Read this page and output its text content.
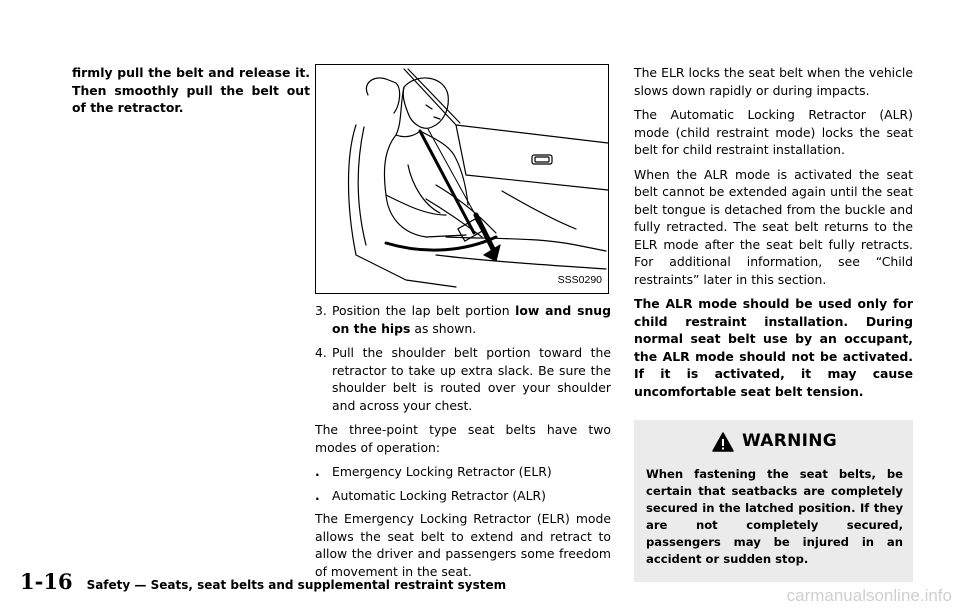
firmly pull the belt and release it. Then smoothly pull the belt out of the retractor.

SSS0290
3. Position the lap belt portion low and snug on the hips as shown.
4. Pull the shoulder belt portion toward the retractor to take up extra slack. Be sure the shoulder belt is routed over your shoulder and across your chest.

The three-point type seat belts have two modes of operation:

. Emergency Locking Retractor (ELR)
. Automatic Locking Retractor (ALR)

The Emergency Locking Retractor (ELR) mode allows the seat belt to extend and retract to allow the driver and passengers some freedom of movement in the seat.

The ELR locks the seat belt when the vehicle slows down rapidly or during impacts.

The Automatic Locking Retractor (ALR) mode (child restraint mode) locks the seat belt for child restraint installation.

When the ALR mode is activated the seat belt cannot be extended again until the seat belt tongue is detached from the buckle and fully retracted. The seat belt returns to the ELR mode after the seat belt fully retracts. For additional information, see “Child restraints” later in this section.

The ALR mode should be used only for child restraint installation. During normal seat belt use by an occupant, the ALR mode should not be activated. If it is activated, it may cause uncomfortable seat belt tension.

WARNING
When fastening the seat belts, be certain that seatbacks are completely secured in the latched position. If they are not completely secured, passengers may be injured in an accident or sudden stop.
1-16 Safety — Seats, seat belts and supplemental restraint system
carmanualsonline.info
